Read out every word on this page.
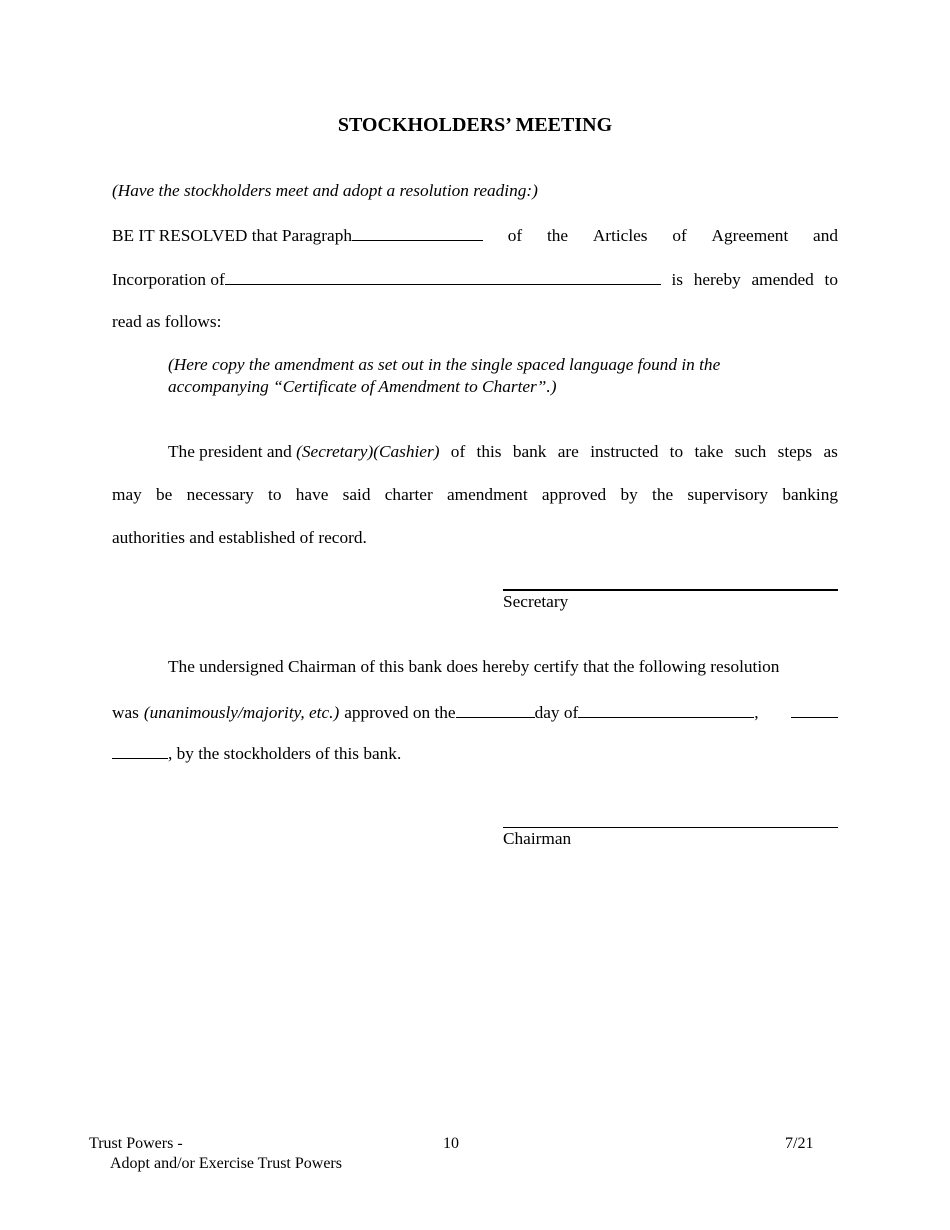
STOCKHOLDERS’ MEETING
(Have the stockholders meet and adopt a resolution reading:)
BE IT RESOLVED that Paragraph	of the Articles of Agreement and
Incorporation of	is hereby amended to
read as follows:
(Here copy the amendment as set out in the single spaced language found in the
accompanying “Certificate of Amendment to Charter”.)
The president and (Secretary)(Cashier) of this bank are instructed to take such steps as
may be necessary to have said charter amendment approved by the supervisory banking
authorities and established of record.
Secretary
The undersigned Chairman of this bank does hereby certify that the following resolution
was (unanimously/majority, etc.) approved on the	day of	,
, by the stockholders of this bank.
Chairman
Trust Powers -
Adopt and/or Exercise Trust Powers
10	7/21
